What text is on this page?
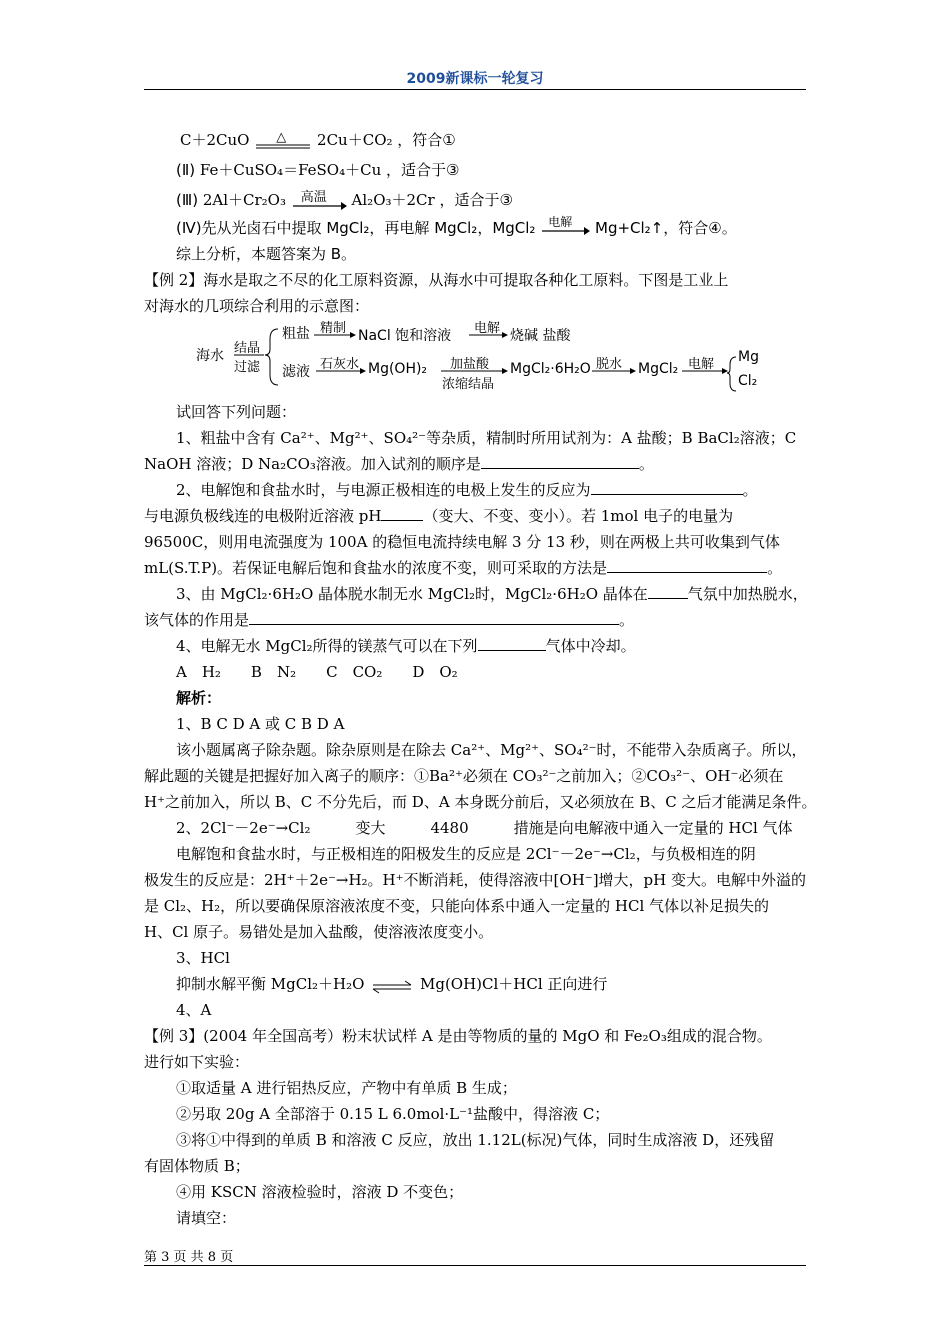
2009新课标一轮复习
C＋2CuO △ 2Cu＋CO₂ ，符合①
(Ⅱ) Fe＋CuSO₄＝FeSO₄＋Cu ，适合于③
(Ⅲ) 2Al＋Cr₂O₃ 高温 Al₂O₃＋2Cr ，适合于③
(Ⅳ)先从光卤石中提取 MgCl₂，再电解 MgCl₂，MgCl₂ 电解 Mg+Cl₂↑，符合④。
综上分析，本题答案为 B。
【例 2】海水是取之不尽的化工原料资源，从海水中可提取各种化工原料。下图是工业上
对海水的几项综合利用的示意图：
海水 结晶
过滤
粗盐 精制 NaCl 饱和溶液 电解 烧碱 盐酸
滤液 石灰水 Mg(OH)₂ 加盐酸
浓缩结晶
MgCl₂·6H₂O 脱水 MgCl₂ 电解 Mg
Cl₂
试回答下列问题：
1、粗盐中含有 Ca²⁺、Mg²⁺、SO₄²⁻等杂质，精制时所用试剂为：A 盐酸；B BaCl₂溶液；C
NaOH 溶液；D Na₂CO₃溶液。加入试剂的顺序是	。
2、电解饱和食盐水时，与电源正极相连的电极上发生的反应为	。
与电源负极线连的电极附近溶液 pH	（变大、不变、变小）。若 1mol 电子的电量为
96500C，则用电流强度为 100A 的稳恒电流持续电解 3 分 13 秒，则在两极上共可收集到气体
mL(S.T.P)。若保证电解后饱和食盐水的浓度不变，则可采取的方法是	。
3、由 MgCl₂·6H₂O 晶体脱水制无水 MgCl₂时，MgCl₂·6H₂O 晶体在	气氛中加热脱水，
该气体的作用是	。
4、电解无水 MgCl₂所得的镁蒸气可以在下列	气体中冷却。
A　H₂　　B　N₂　　C　CO₂　　D　O₂
解析：
1、B C D A 或 C B D A
该小题属离子除杂题。除杂原则是在除去 Ca²⁺、Mg²⁺、SO₄²⁻时，不能带入杂质离子。所以，
解此题的关键是把握好加入离子的顺序：①Ba²⁺必须在 CO₃²⁻之前加入；②CO₃²⁻、OH⁻必须在
H⁺之前加入，所以 B、C 不分先后，而 D、A 本身既分前后，又必须放在 B、C 之后才能满足条件。
2、2Cl⁻－2e⁻→Cl₂　　　变大　　　4480　　　措施是向电解液中通入一定量的 HCl 气体
电解饱和食盐水时，与正极相连的阳极发生的反应是 2Cl⁻－2e⁻→Cl₂，与负极相连的阴
极发生的反应是：2H⁺＋2e⁻→H₂。H⁺不断消耗，使得溶液中[OH⁻]增大，pH 变大。电解中外溢的
是 Cl₂、H₂，所以要确保原溶液浓度不变，只能向体系中通入一定量的 HCl 气体以补足损失的
H、Cl 原子。易错处是加入盐酸，使溶液浓度变小。
3、HCl
抑制水解平衡 MgCl₂＋H₂O ⇌ Mg(OH)Cl＋HCl 正向进行
4、A
【例 3】(2004 年全国高考）粉末状试样 A 是由等物质的量的 MgO 和 Fe₂O₃组成的混合物。
进行如下实验：
①取适量 A 进行铝热反应，产物中有单质 B 生成；
②另取 20g A 全部溶于 0.15 L 6.0mol·L⁻¹盐酸中，得溶液 C；
③将①中得到的单质 B 和溶液 C 反应，放出 1.12L(标况)气体，同时生成溶液 D，还残留
有固体物质 B；
④用 KSCN 溶液检验时，溶液 D 不变色；
请填空：
第 3 页 共 8 页
